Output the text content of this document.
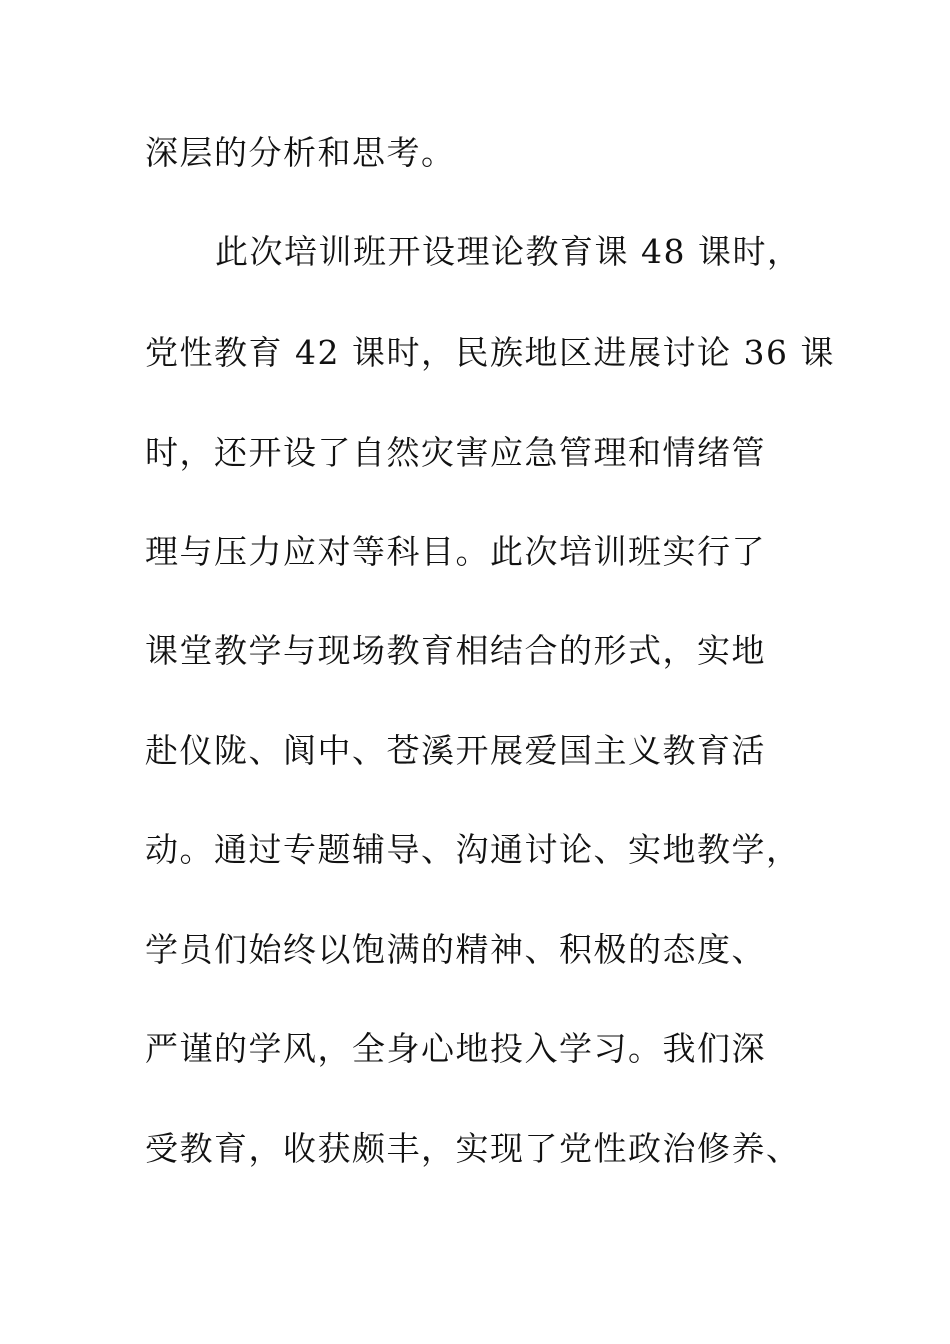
深层的分析和思考。
此次培训班开设理论教育课 48 课时，
党性教育 42 课时，民族地区进展讨论 36 课
时，还开设了自然灾害应急管理和情绪管
理与压力应对等科目。此次培训班实行了
课堂教学与现场教育相结合的形式，实地
赴仪陇、阆中、苍溪开展爱国主义教育活
动。通过专题辅导、沟通讨论、实地教学，
学员们始终以饱满的精神、积极的态度、
严谨的学风，全身心地投入学习。我们深
受教育，收获颇丰，实现了党性政治修养、
